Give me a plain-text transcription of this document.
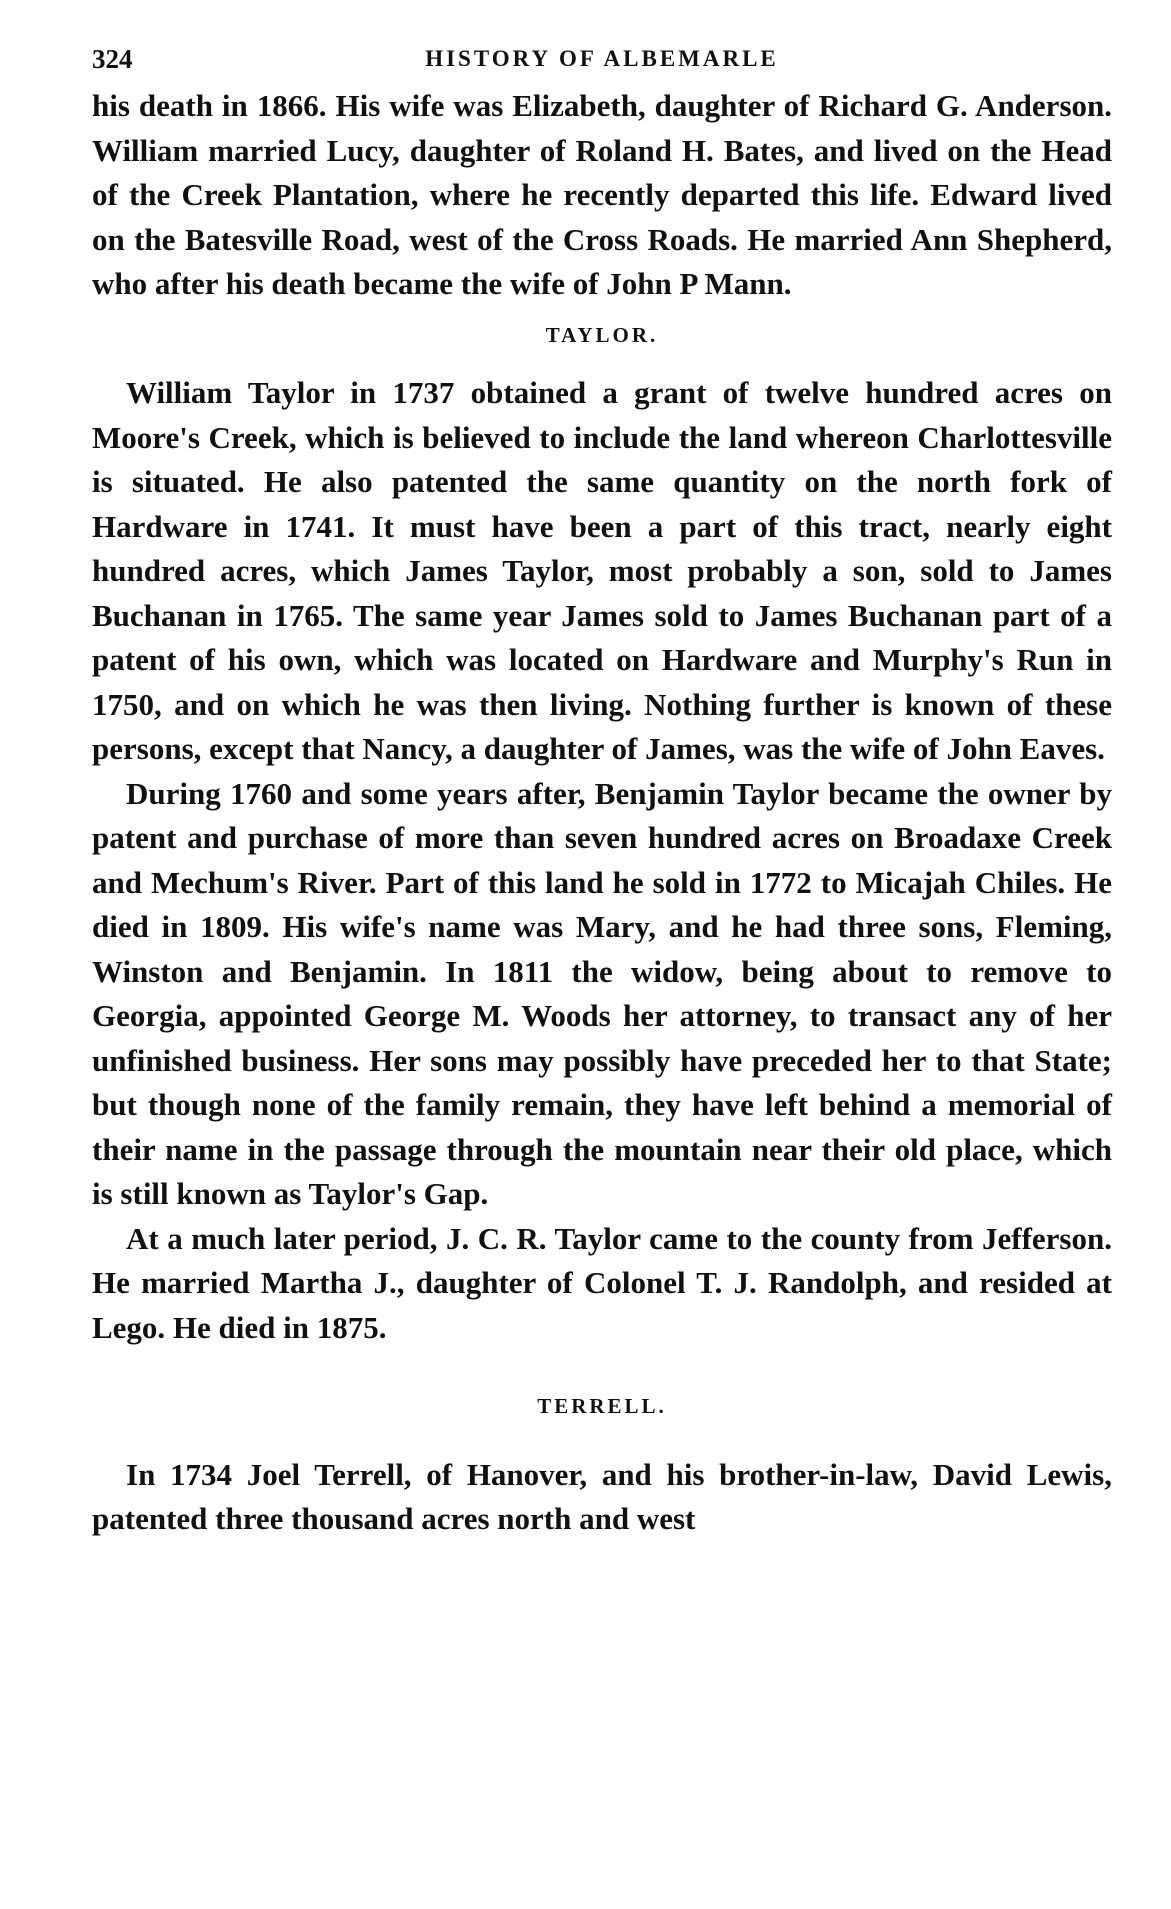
324	HISTORY OF ALBEMARLE

his death in 1866. His wife was Elizabeth, daughter of Richard G. Anderson. William married Lucy, daughter of Roland H. Bates, and lived on the Head of the Creek Plantation, where he recently departed this life. Edward lived on the Batesville Road, west of the Cross Roads. He married Ann Shepherd, who after his death became the wife of John P Mann.

TAYLOR.

William Taylor in 1737 obtained a grant of twelve hundred acres on Moore's Creek, which is believed to include the land whereon Charlottesville is situated. He also patented the same quantity on the north fork of Hardware in 1741. It must have been a part of this tract, nearly eight hundred acres, which James Taylor, most probably a son, sold to James Buchanan in 1765. The same year James sold to James Buchanan part of a patent of his own, which was located on Hardware and Murphy's Run in 1750, and on which he was then living. Nothing further is known of these persons, except that Nancy, a daughter of James, was the wife of John Eaves.

During 1760 and some years after, Benjamin Taylor became the owner by patent and purchase of more than seven hundred acres on Broadaxe Creek and Mechum's River. Part of this land he sold in 1772 to Micajah Chiles. He died in 1809. His wife's name was Mary, and he had three sons, Fleming, Winston and Benjamin. In 1811 the widow, being about to remove to Georgia, appointed George M. Woods her attorney, to transact any of her unfinished business. Her sons may possibly have preceded her to that State; but though none of the family remain, they have left behind a memorial of their name in the passage through the mountain near their old place, which is still known as Taylor's Gap.

At a much later period, J. C. R. Taylor came to the county from Jefferson. He married Martha J., daughter of Colonel T. J. Randolph, and resided at Lego. He died in 1875.

TERRELL.

In 1734 Joel Terrell, of Hanover, and his brother-in-law, David Lewis, patented three thousand acres north and west
